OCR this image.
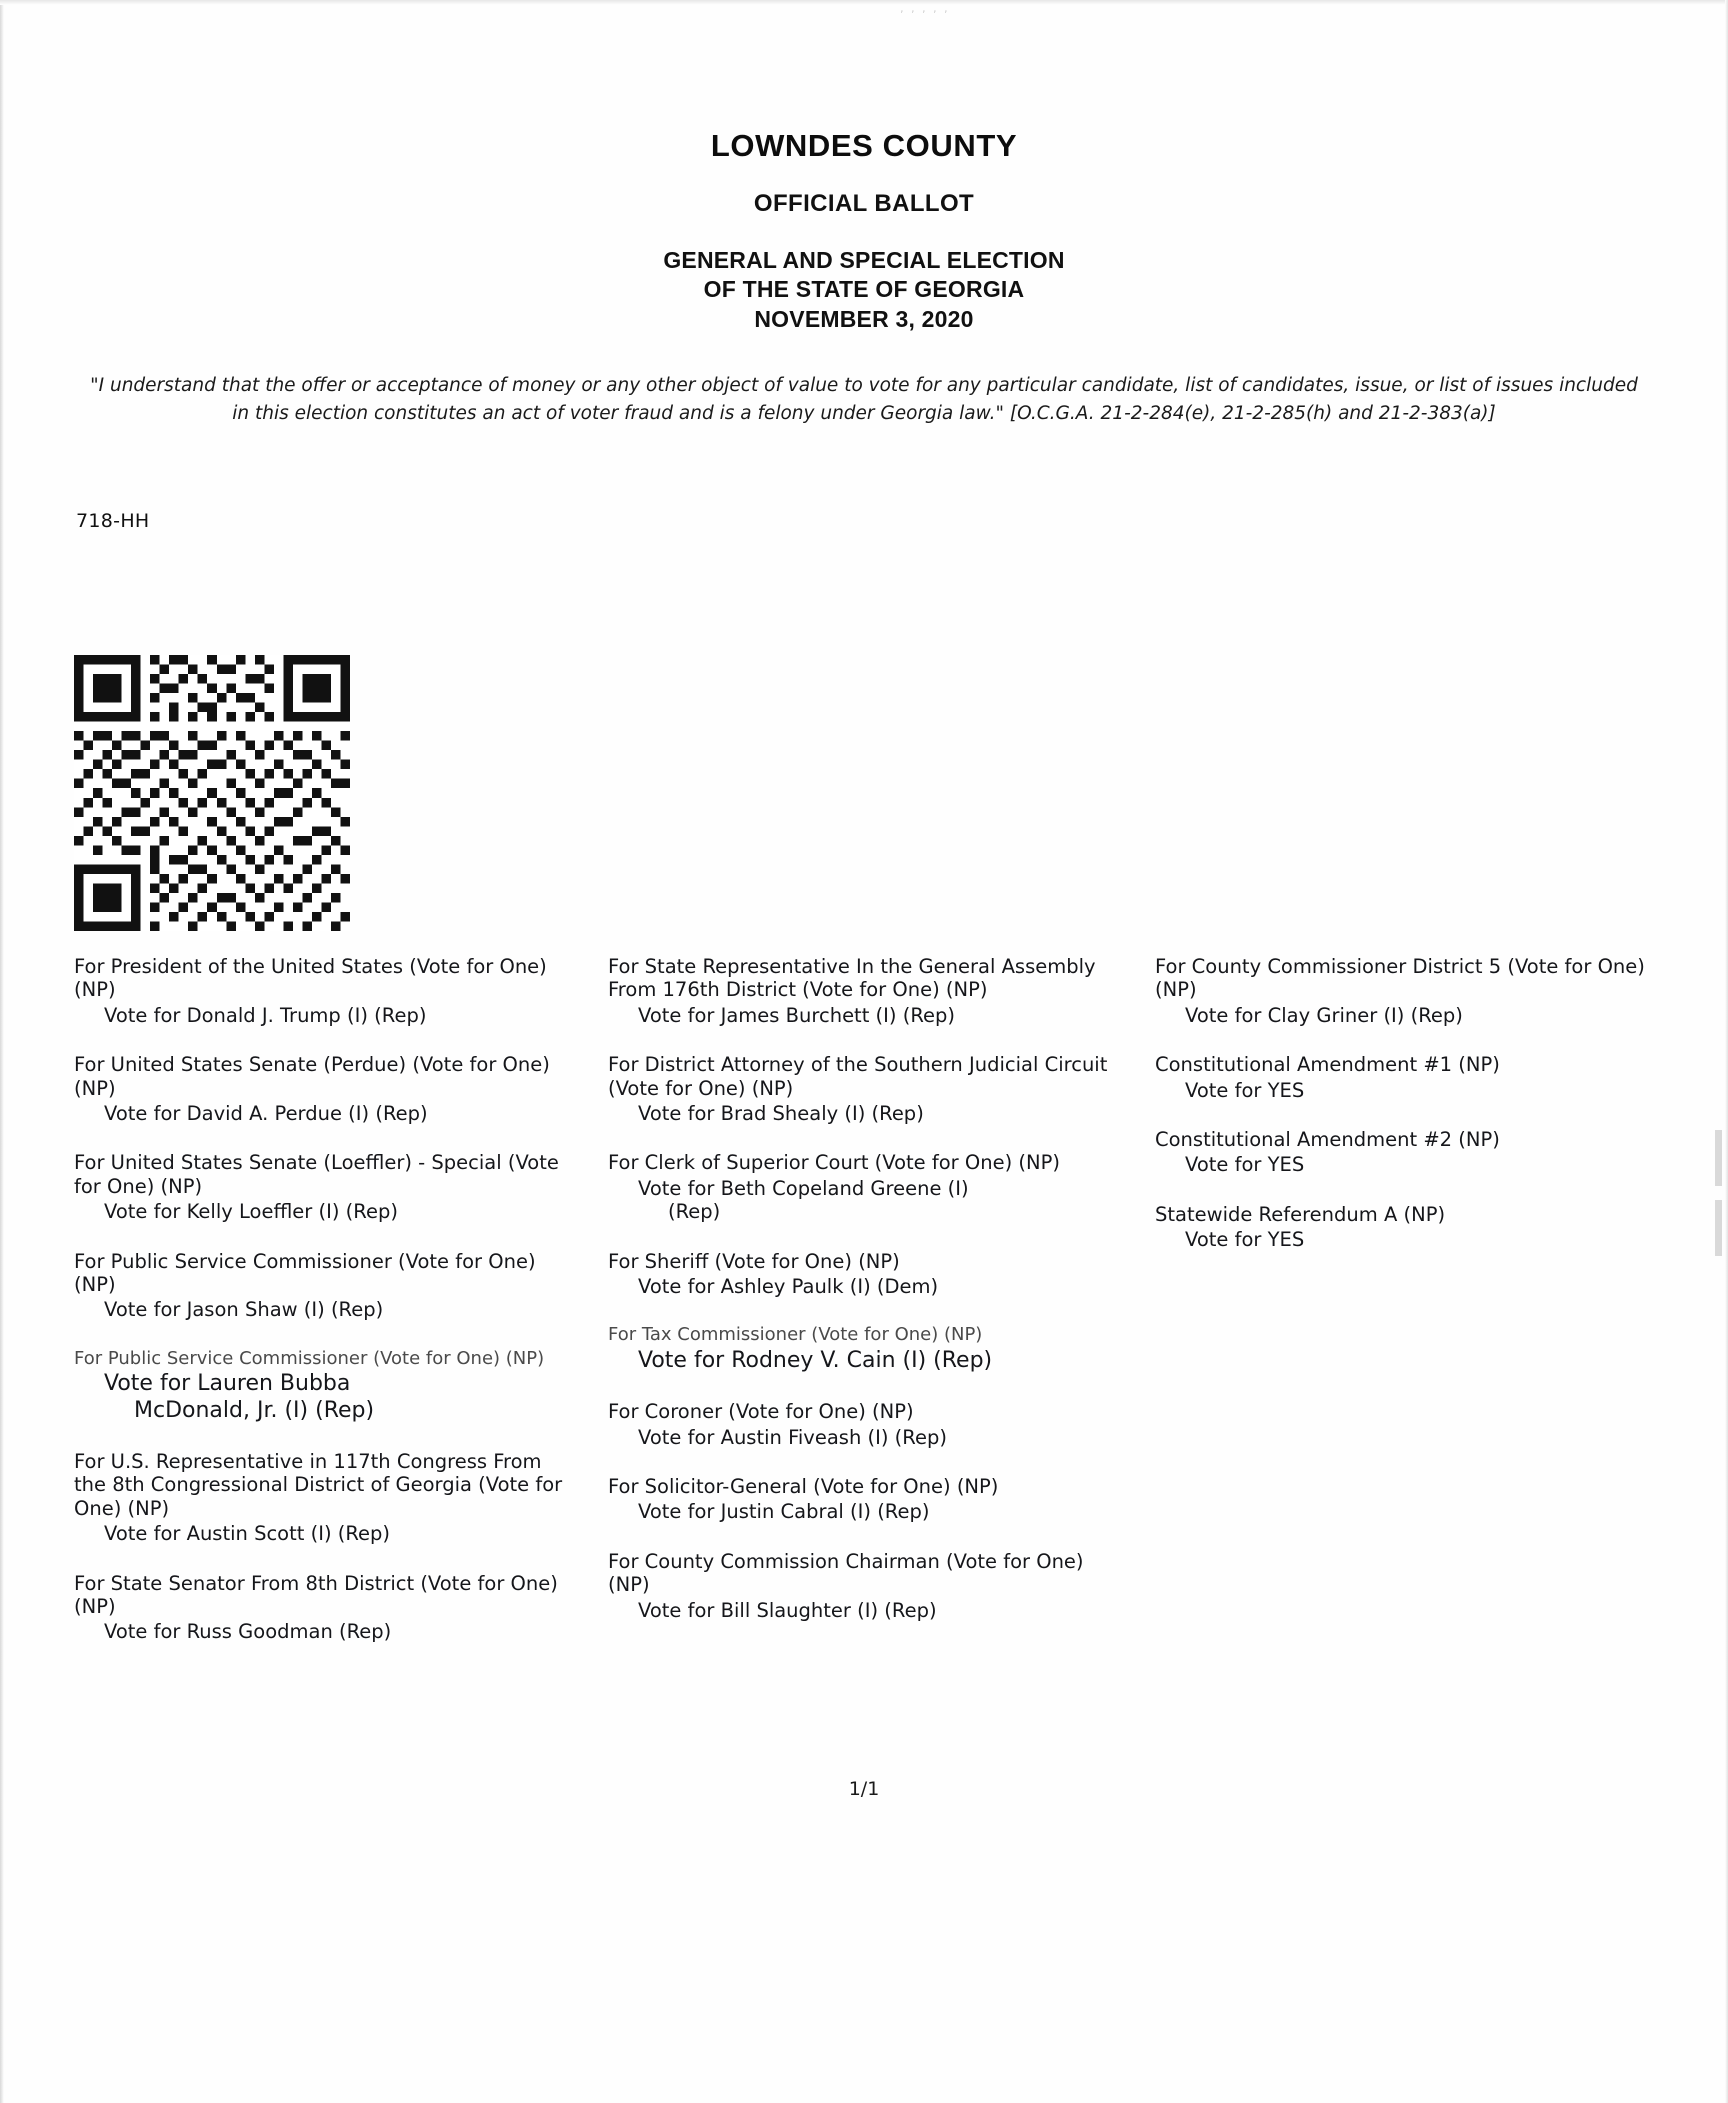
‚ ‚ ‚ ‚ ‚
LOWNDES COUNTY
OFFICIAL BALLOT
GENERAL AND SPECIAL ELECTION
OF THE STATE OF GEORGIA
NOVEMBER 3, 2020
"I understand that the offer or acceptance of money or any other object of value to vote for any particular candidate, list of candidates, issue, or list of issues included in this election constitutes an act of voter fraud and is a felony under Georgia law." [O.C.G.A. 21-2-284(e), 21-2-285(h) and 21-2-383(a)]
718-HH
For President of the United States (Vote for One) (NP)
Vote for Donald J. Trump (I) (Rep)
For United States Senate (Perdue) (Vote for One) (NP)
Vote for David A. Perdue (I) (Rep)
For United States Senate (Loeffler) - Special (Vote for One) (NP)
Vote for Kelly Loeffler (I) (Rep)
For Public Service Commissioner (Vote for One) (NP)
Vote for Jason Shaw (I) (Rep)
For Public Service Commissioner (Vote for One) (NP)
Vote for Lauren Bubba
McDonald, Jr. (I) (Rep)
For U.S. Representative in 117th Congress From the 8th Congressional District of Georgia (Vote for One) (NP)
Vote for Austin Scott (I) (Rep)
For State Senator From 8th District (Vote for One) (NP)
Vote for Russ Goodman (Rep)
For State Representative In the General Assembly From 176th District (Vote for One) (NP)
Vote for James Burchett (I) (Rep)
For District Attorney of the Southern Judicial Circuit (Vote for One) (NP)
Vote for Brad Shealy (I) (Rep)
For Clerk of Superior Court (Vote for One) (NP)
Vote for Beth Copeland Greene (I)
(Rep)
For Sheriff (Vote for One) (NP)
Vote for Ashley Paulk (I) (Dem)
For Tax Commissioner (Vote for One) (NP)
Vote for Rodney V. Cain (I) (Rep)
For Coroner (Vote for One) (NP)
Vote for Austin Fiveash (I) (Rep)
For Solicitor-General (Vote for One) (NP)
Vote for Justin Cabral (I) (Rep)
For County Commission Chairman (Vote for One) (NP)
Vote for Bill Slaughter (I) (Rep)
For County Commissioner District 5 (Vote for One) (NP)
Vote for Clay Griner (I) (Rep)
Constitutional Amendment #1 (NP)
Vote for YES
Constitutional Amendment #2 (NP)
Vote for YES
Statewide Referendum A (NP)
Vote for YES
1/1
